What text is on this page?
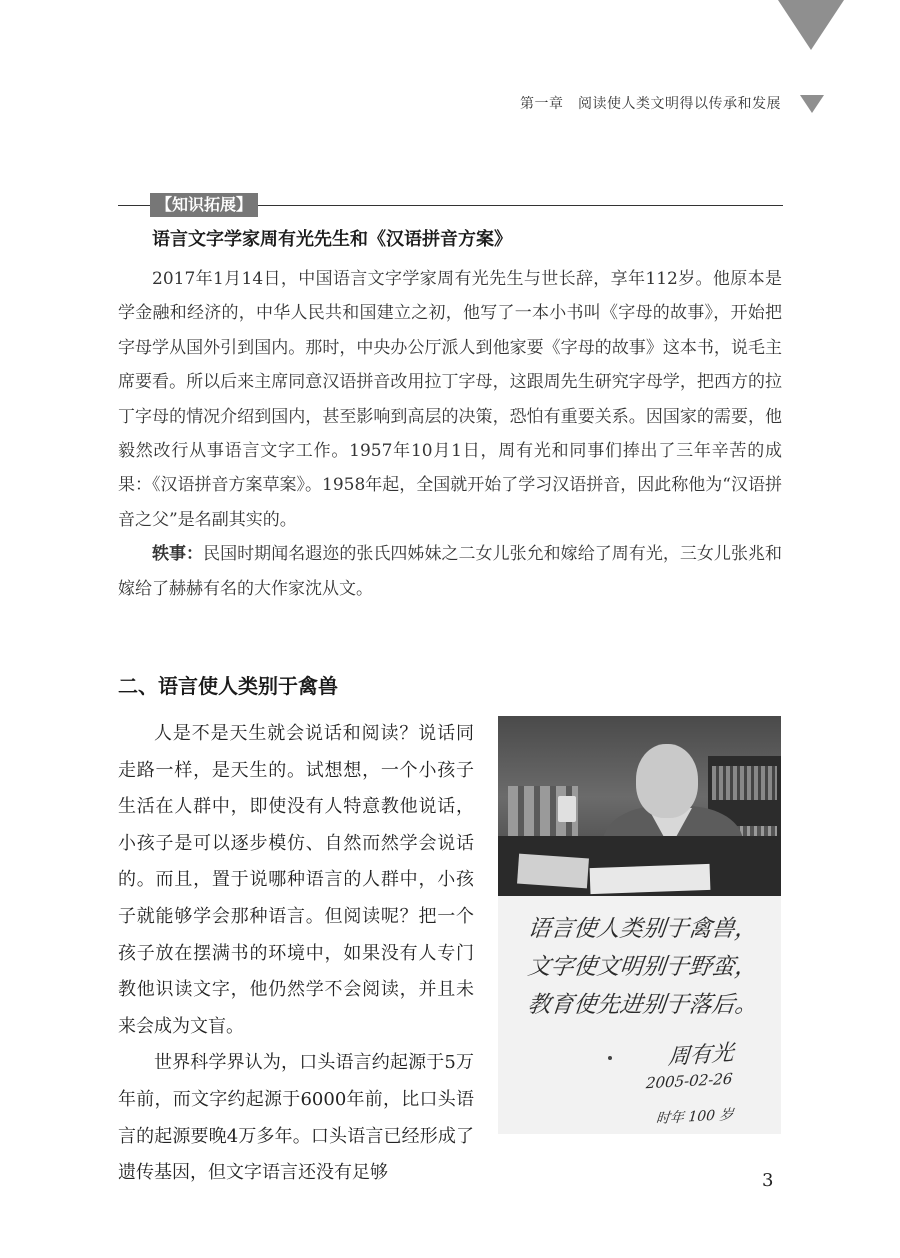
第一章　阅读使人类文明得以传承和发展
【知识拓展】
语言文字学家周有光先生和《汉语拼音方案》

2017年1月14日，中国语言文字学家周有光先生与世长辞，享年112岁。他原本是学金融和经济的，中华人民共和国建立之初，他写了一本小书叫《字母的故事》，开始把字母学从国外引到国内。那时，中央办公厅派人到他家要《字母的故事》这本书，说毛主席要看。所以后来主席同意汉语拼音改用拉丁字母，这跟周先生研究字母学，把西方的拉丁字母的情况介绍到国内，甚至影响到高层的决策，恐怕有重要关系。因国家的需要，他毅然改行从事语言文字工作。1957年10月1日，周有光和同事们捧出了三年辛苦的成果：《汉语拼音方案草案》。1958年起，全国就开始了学习汉语拼音，因此称他为“汉语拼音之父”是名副其实的。

轶事：民国时期闻名遐迩的张氏四姊妹之二女儿张允和嫁给了周有光，三女儿张兆和嫁给了赫赫有名的大作家沈从文。

二、语言使人类别于禽兽

人是不是天生就会说话和阅读？说话同走路一样，是天生的。试想想，一个小孩子生活在人群中，即使没有人特意教他说话，小孩子是可以逐步模仿、自然而然学会说话的。而且，置于说哪种语言的人群中，小孩子就能够学会那种语言。但阅读呢？把一个孩子放在摆满书的环境中，如果没有人专门教他识读文字，他仍然学不会阅读，并且未来会成为文盲。

世界科学界认为，口头语言约起源于5万年前，而文字约起源于6000年前，比口头语言的起源要晚4万多年。口头语言已经形成了遗传基因，但文字语言还没有足够

语言使人类别于禽兽，
文字使文明别于野蛮，
教育使先进别于落后。
周有光
2005-02-26
时年 100 岁
3
